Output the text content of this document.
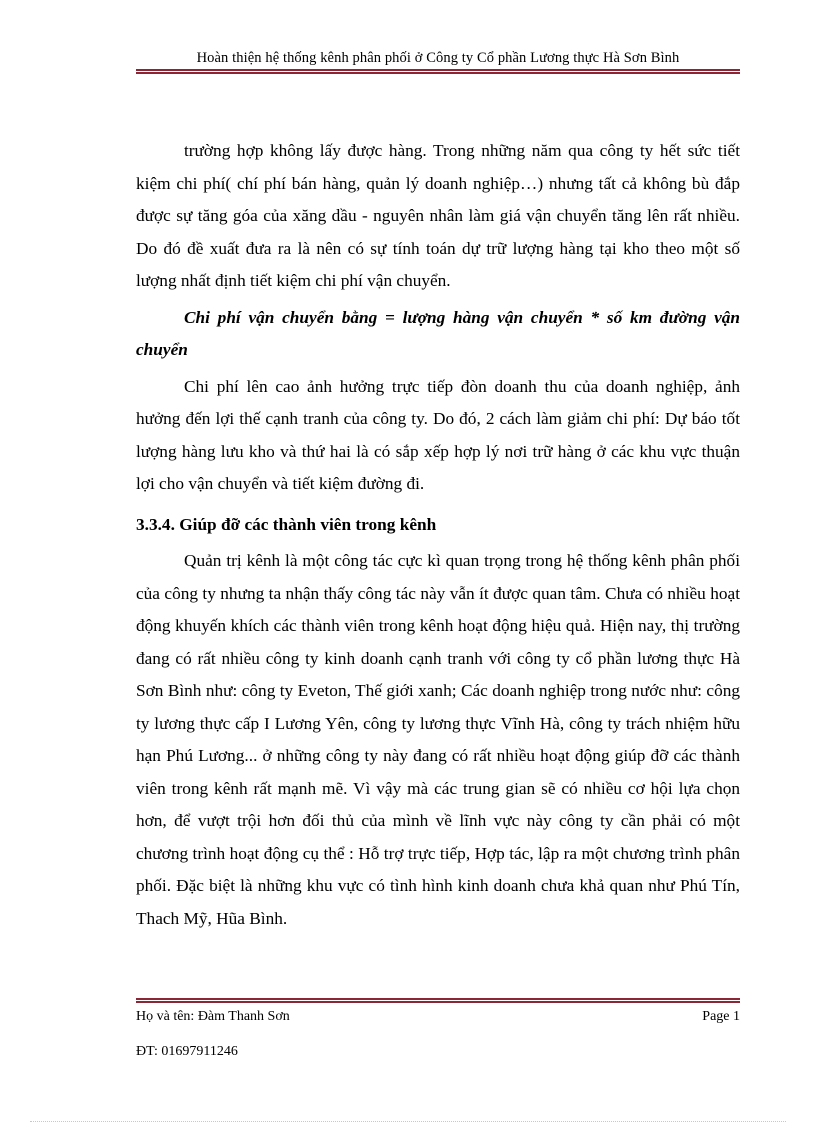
Hoàn thiện hệ thống kênh phân phối ở Công ty Cổ phần Lương thực Hà Sơn Bình

trường hợp không lấy được hàng. Trong những năm qua công ty hết sức tiết kiệm chi phí( chí phí bán hàng, quản lý doanh nghiệp…) nhưng tất cả không bù đắp được sự tăng góa của xăng dầu - nguyên nhân làm giá vận chuyển tăng lên rất nhiều. Do đó đề xuất đưa ra là nên có sự tính toán dự trữ lượng hàng tại kho theo một số lượng nhất định tiết kiệm chi phí vận chuyển.

Chi phí vận chuyển bằng = lượng hàng vận chuyển * số km đường vận chuyển

Chi phí lên cao ảnh hưởng trực tiếp đòn doanh thu của doanh nghiệp, ảnh hưởng đến lợi thế cạnh tranh của công ty. Do đó, 2 cách làm giảm chi phí: Dự báo tốt lượng hàng lưu kho và thứ hai là có sắp xếp hợp lý nơi trữ hàng ở các khu vực thuận lợi cho vận chuyển và tiết kiệm đường đi.

3.3.4. Giúp đỡ các thành viên trong kênh

Quản trị kênh là một công tác cực kì quan trọng trong hệ thống kênh phân phối của công ty nhưng ta nhận thấy công tác này vẫn ít được quan tâm. Chưa có nhiều hoạt động khuyến khích các thành viên trong kênh hoạt động hiệu quả. Hiện nay, thị trường đang có rất nhiều công ty kinh doanh cạnh tranh với công ty cổ phần lương thực Hà Sơn Bình như: công ty Eveton, Thế giới xanh; Các doanh nghiệp trong nước như: công ty lương thực cấp I Lương Yên, công ty lương thực Vĩnh Hà, công ty trách nhiệm hữu hạn Phú Lương... ở những công ty này đang có rất nhiều hoạt động giúp đỡ các thành viên trong kênh rất mạnh mẽ. Vì vậy mà các trung gian sẽ có nhiều cơ hội lựa chọn hơn, để vượt trội hơn đối thủ của mình về lĩnh vực này công ty cần phải có một chương trình hoạt động cụ thể : Hỗ trợ trực tiếp, Hợp tác, lập ra một chương trình phân phối. Đặc biệt là những khu vực có tình hình kinh doanh chưa khả quan như Phú Tín, Thach Mỹ, Hũa Bình.

Họ và tên: Đàm Thanh Sơn	Page 1
ĐT: 01697911246
